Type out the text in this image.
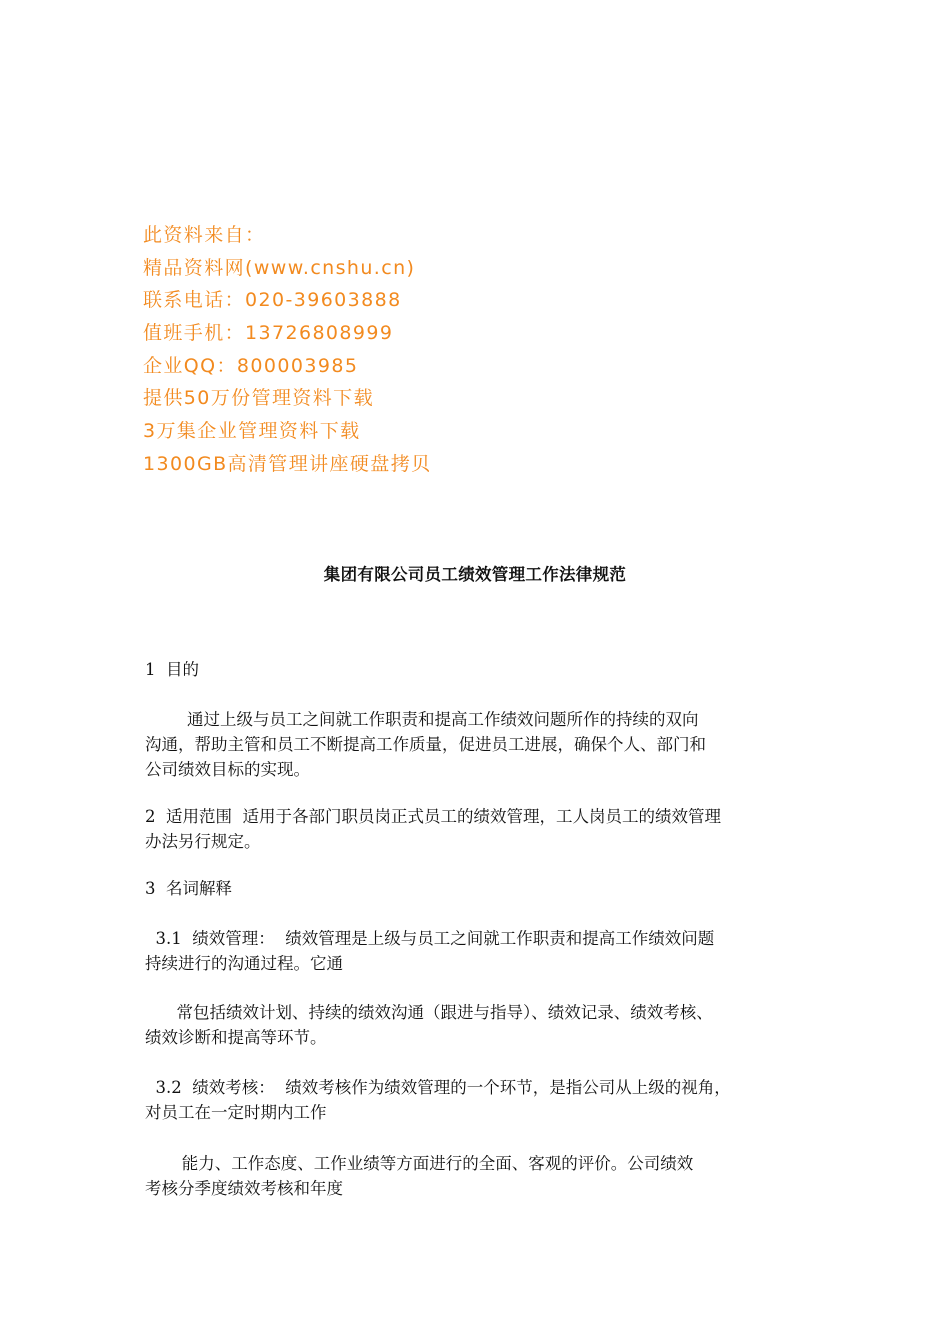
此资料来自：
精品资料网(www.cnshu.cn)
联系电话：020-39603888
值班手机：13726808999
企业QQ：800003985
提供50万份管理资料下载
3万集企业管理资料下载
1300GB高清管理讲座硬盘拷贝
集团有限公司员工绩效管理工作法律规范
1  目的
通过上级与员工之间就工作职责和提高工作绩效问题所作的持续的双向
沟通，帮助主管和员工不断提高工作质量，促进员工进展，确保个人、部门和
公司绩效目标的实现。
2  适用范围  适用于各部门职员岗正式员工的绩效管理，工人岗员工的绩效管理
办法另行规定。
3  名词解释
3.1  绩效管理：  绩效管理是上级与员工之间就工作职责和提高工作绩效问题
持续进行的沟通过程。它通
常包括绩效计划、持续的绩效沟通（跟进与指导）、绩效记录、绩效考核、
绩效诊断和提高等环节。
3.2  绩效考核：  绩效考核作为绩效管理的一个环节，是指公司从上级的视角，
对员工在一定时期内工作
能力、工作态度、工作业绩等方面进行的全面、客观的评价。公司绩效
考核分季度绩效考核和年度
